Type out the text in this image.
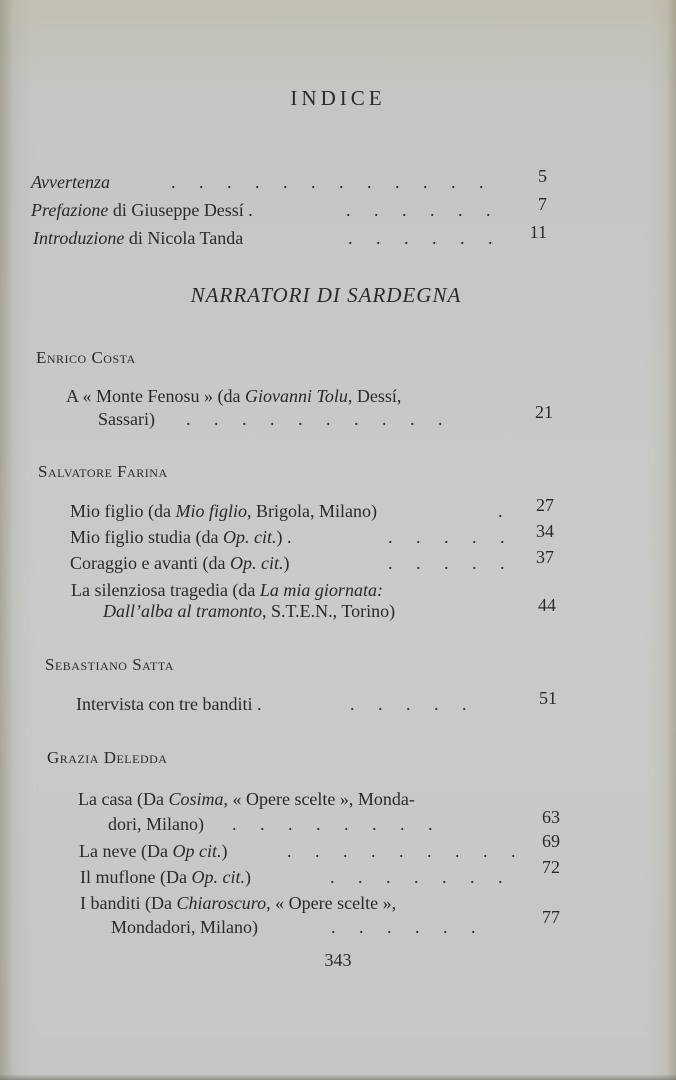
INDICE
Avvertenza	. . . . . . . . . . . .	5
Prefazione di Giuseppe Dessí .	. . . . . .	7
Introduzione di Nicola Tanda	. . . . . .	11
NARRATORI DI SARDEGNA
Enrico Costa
A « Monte Fenosu » (da Giovanni Tolu, Dessí,
Sassari) . . . . . . . . . .	21
Salvatore Farina
Mio figlio (da Mio figlio, Brigola, Milano)	.	27
Mio figlio studia (da Op. cit.) .	. . . . .	34
Coraggio e avanti (da Op. cit.)	. . . . .	37
La silenziosa tragedia (da La mia giornata:
Dall’alba al tramonto, S.T.E.N., Torino)	44
Sebastiano Satta
Intervista con tre banditi .	. . . . .	51
Grazia Deledda
La casa (Da Cosima, « Opere scelte », Monda-
dori, Milano) . . . . . . . .	63
La neve (Da Op cit.)	. . . . . . . . .	69
Il muflone (Da Op. cit.)	. . . . . . .	72
I banditi (Da Chiaroscuro, « Opere scelte »,
Mondadori, Milano)	. . . . . .	77
343
